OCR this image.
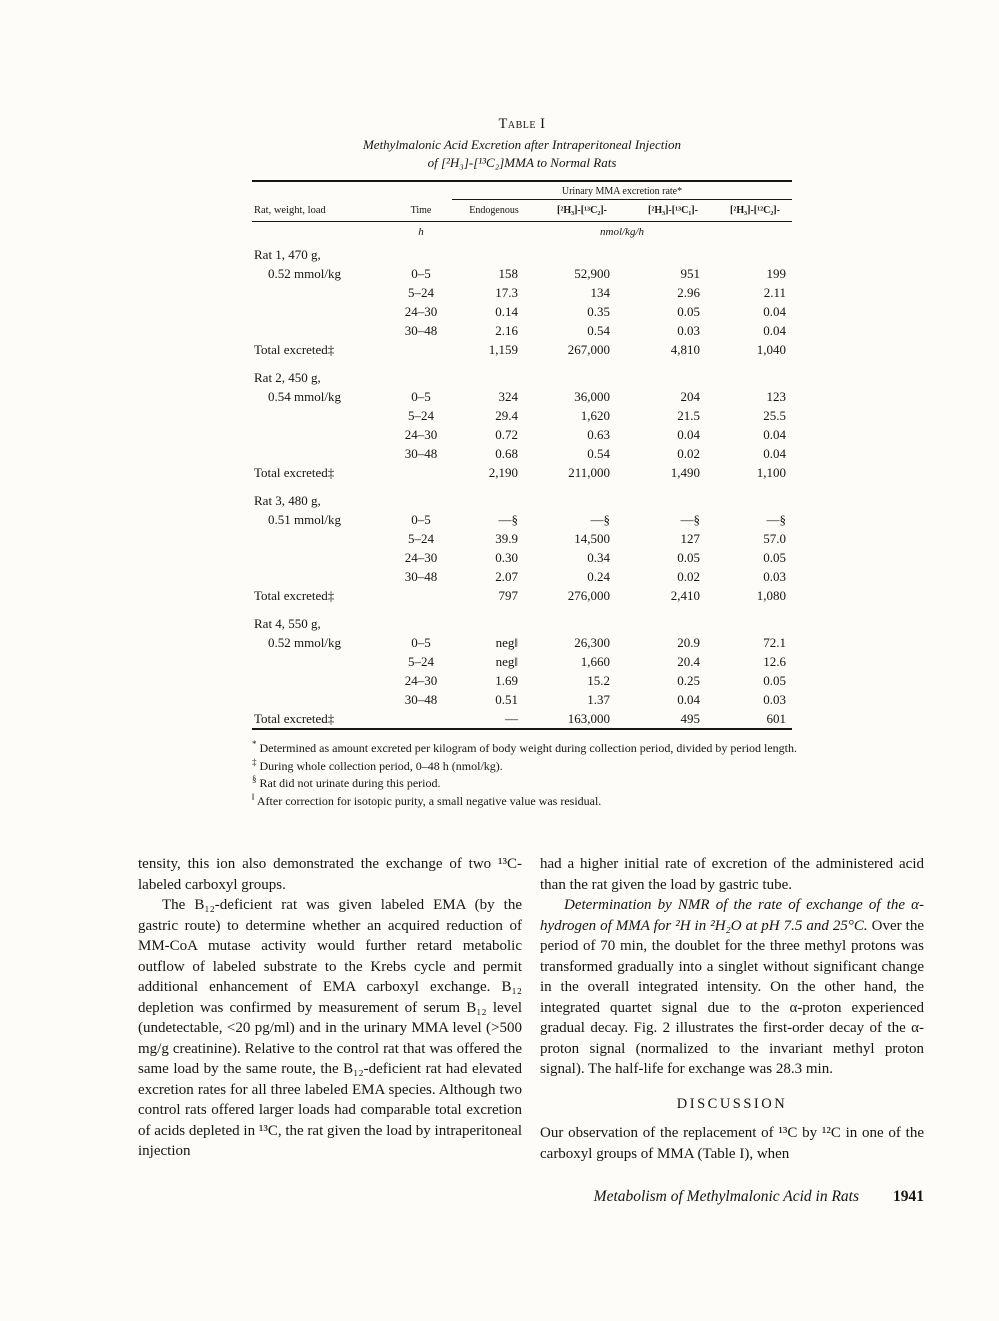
Table I
Methylmalonic Acid Excretion after Intraperitoneal Injection
of [²H₃]-[¹³C₂]MMA to Normal Rats
		Urinary MMA excretion rate*			
Rat, weight, load	Time	Endogenous	[²H₃]-[¹³C₂]-	[²H₃]-[¹³C₁]-	[²H₃]-[¹²C₂]-
	h	nmol/kg/h			
Rat 1, 470 g,					
0.52 mmol/kg	0–5	158	52,900	951	199
	5–24	17.3	134	2.96	2.11
	24–30	0.14	0.35	0.05	0.04
	30–48	2.16	0.54	0.03	0.04
Total excreted‡		1,159	267,000	4,810	1,040
Rat 2, 450 g,					
0.54 mmol/kg	0–5	324	36,000	204	123
	5–24	29.4	1,620	21.5	25.5
	24–30	0.72	0.63	0.04	0.04
	30–48	0.68	0.54	0.02	0.04
Total excreted‡		2,190	211,000	1,490	1,100
Rat 3, 480 g,					
0.51 mmol/kg	0–5	—§	—§	—§	—§
	5–24	39.9	14,500	127	57.0
	24–30	0.30	0.34	0.05	0.05
	30–48	2.07	0.24	0.02	0.03
Total excreted‡		797	276,000	2,410	1,080
Rat 4, 550 g,					
0.52 mmol/kg	0–5	neg‖	26,300	20.9	72.1
	5–24	neg‖	1,660	20.4	12.6
	24–30	1.69	15.2	0.25	0.05
	30–48	0.51	1.37	0.04	0.03
Total excreted‡		—	163,000	495	601
* Determined as amount excreted per kilogram of body weight during collection period, divided by period length.
‡ During whole collection period, 0–48 h (nmol/kg).
§ Rat did not urinate during this period.
‖ After correction for isotopic purity, a small negative value was residual.

tensity, this ion also demonstrated the exchange of two ¹³C-labeled carboxyl groups.

The B₁₂-deficient rat was given labeled EMA (by the gastric route) to determine whether an acquired reduction of MM-CoA mutase activity would further retard metabolic outflow of labeled substrate to the Krebs cycle and permit additional enhancement of EMA carboxyl exchange. B₁₂ depletion was confirmed by measurement of serum B₁₂ level (undetectable, <20 pg/ml) and in the urinary MMA level (>500 mg/g creatinine). Relative to the control rat that was offered the same load by the same route, the B₁₂-deficient rat had elevated excretion rates for all three labeled EMA species. Although two control rats offered larger loads had comparable total excretion of acids depleted in ¹³C, the rat given the load by intraperitoneal injection

had a higher initial rate of excretion of the administered acid than the rat given the load by gastric tube.

Determination by NMR of the rate of exchange of the α-hydrogen of MMA for ²H in ²H₂O at pH 7.5 and 25°C. Over the period of 70 min, the doublet for the three methyl protons was transformed gradually into a singlet without significant change in the overall integrated intensity. On the other hand, the integrated quartet signal due to the α-proton experienced gradual decay. Fig. 2 illustrates the first-order decay of the α-proton signal (normalized to the invariant methyl proton signal). The half-life for exchange was 28.3 min.

DISCUSSION

Our observation of the replacement of ¹³C by ¹²C in one of the carboxyl groups of MMA (Table I), when

Metabolism of Methylmalonic Acid in Rats 1941
